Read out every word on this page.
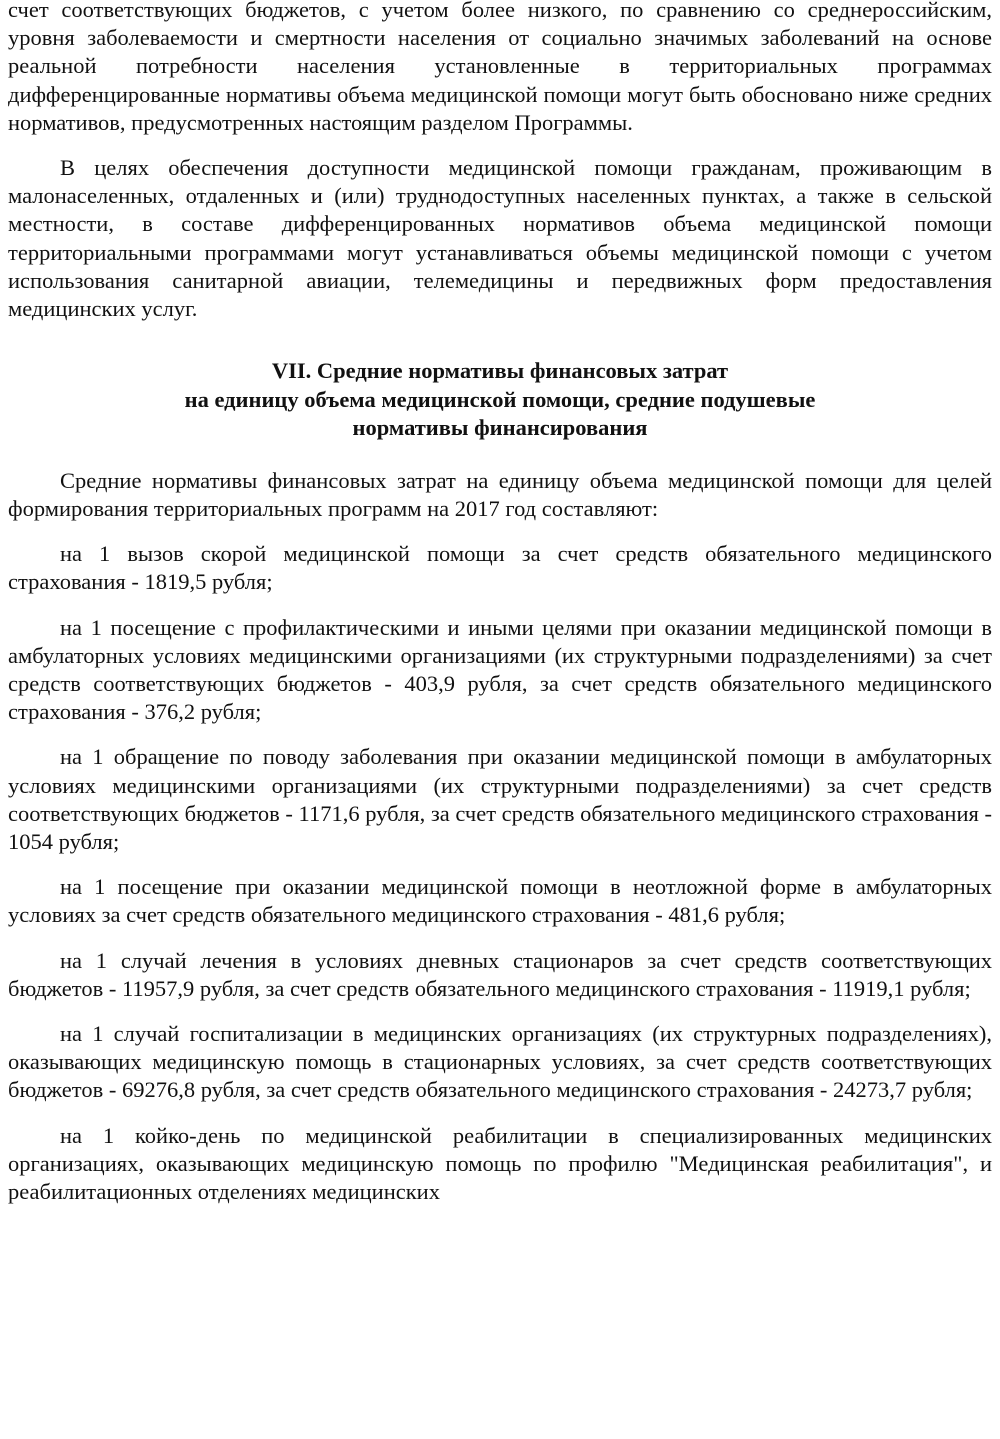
счет соответствующих бюджетов, с учетом более низкого, по сравнению со среднероссийским, уровня заболеваемости и смертности населения от социально значимых заболеваний на основе реальной потребности населения установленные в территориальных программах дифференцированные нормативы объема медицинской помощи могут быть обосновано ниже средних нормативов, предусмотренных настоящим разделом Программы.

В целях обеспечения доступности медицинской помощи гражданам, проживающим в малонаселенных, отдаленных и (или) труднодоступных населенных пунктах, а также в сельской местности, в составе дифференцированных нормативов объема медицинской помощи территориальными программами могут устанавливаться объемы медицинской помощи с учетом использования санитарной авиации, телемедицины и передвижных форм предоставления медицинских услуг.

VII. Средние нормативы финансовых затрат
на единицу объема медицинской помощи, средние подушевые
нормативы финансирования

Средние нормативы финансовых затрат на единицу объема медицинской помощи для целей формирования территориальных программ на 2017 год составляют:

на 1 вызов скорой медицинской помощи за счет средств обязательного медицинского страхования - 1819,5 рубля;

на 1 посещение с профилактическими и иными целями при оказании медицинской помощи в амбулаторных условиях медицинскими организациями (их структурными подразделениями) за счет средств соответствующих бюджетов - 403,9 рубля, за счет средств обязательного медицинского страхования - 376,2 рубля;

на 1 обращение по поводу заболевания при оказании медицинской помощи в амбулаторных условиях медицинскими организациями (их структурными подразделениями) за счет средств соответствующих бюджетов - 1171,6 рубля, за счет средств обязательного медицинского страхования - 1054 рубля;

на 1 посещение при оказании медицинской помощи в неотложной форме в амбулаторных условиях за счет средств обязательного медицинского страхования - 481,6 рубля;

на 1 случай лечения в условиях дневных стационаров за счет средств соответствующих бюджетов - 11957,9 рубля, за счет средств обязательного медицинского страхования - 11919,1 рубля;

на 1 случай госпитализации в медицинских организациях (их структурных подразделениях), оказывающих медицинскую помощь в стационарных условиях, за счет средств соответствующих бюджетов - 69276,8 рубля, за счет средств обязательного медицинского страхования - 24273,7 рубля;

на 1 койко-день по медицинской реабилитации в специализированных медицинских организациях, оказывающих медицинскую помощь по профилю "Медицинская реабилитация", и реабилитационных отделениях медицинских
